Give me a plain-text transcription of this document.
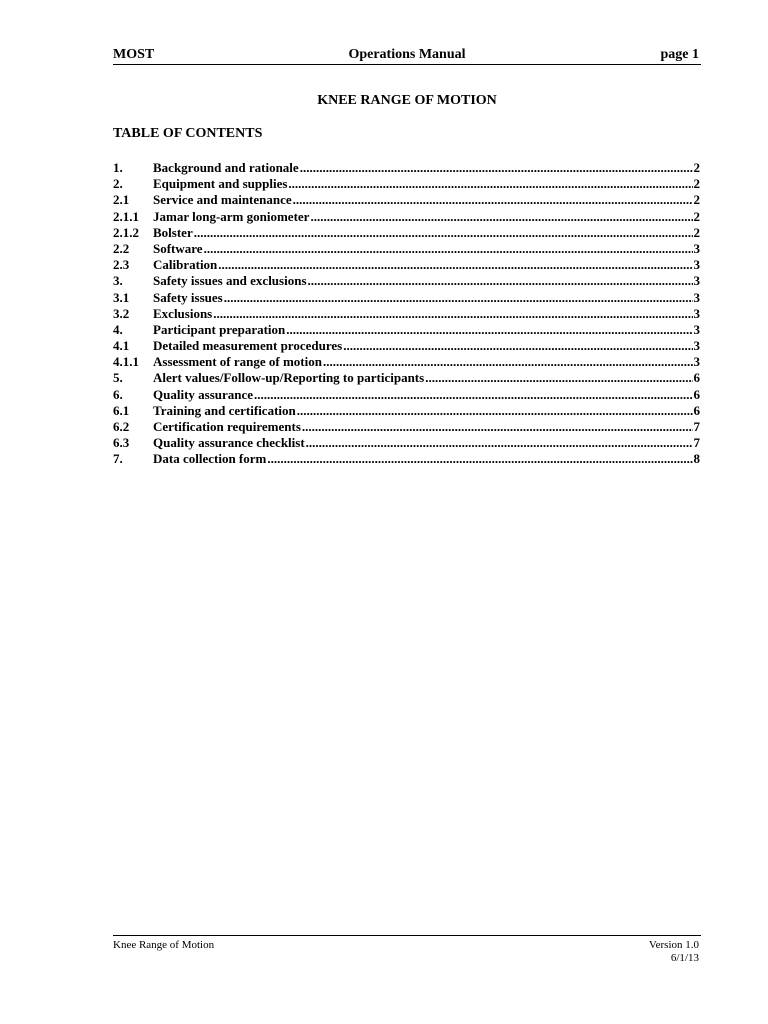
MOST	Operations Manual	page 1
KNEE RANGE OF MOTION
TABLE OF CONTENTS
1.	Background and rationale .....	2
2.	Equipment and supplies .....	2
2.1	Service and maintenance .....	2
2.1.1	Jamar long-arm goniometer .....	2
2.1.2	Bolster .....	2
2.2	Software .....	3
2.3	Calibration .....	3
3.	Safety issues and exclusions .....	3
3.1	Safety issues .....	3
3.2	Exclusions .....	3
4.	Participant preparation .....	3
4.1	Detailed measurement procedures .....	3
4.1.1	Assessment of range of motion .....	3
5.	Alert values/Follow-up/Reporting to participants .....	6
6.	Quality assurance .....	6
6.1	Training and certification .....	6
6.2	Certification requirements .....	7
6.3	Quality assurance checklist .....	7
7.	Data collection form .....	8
Knee Range of Motion	Version 1.0
6/1/13
